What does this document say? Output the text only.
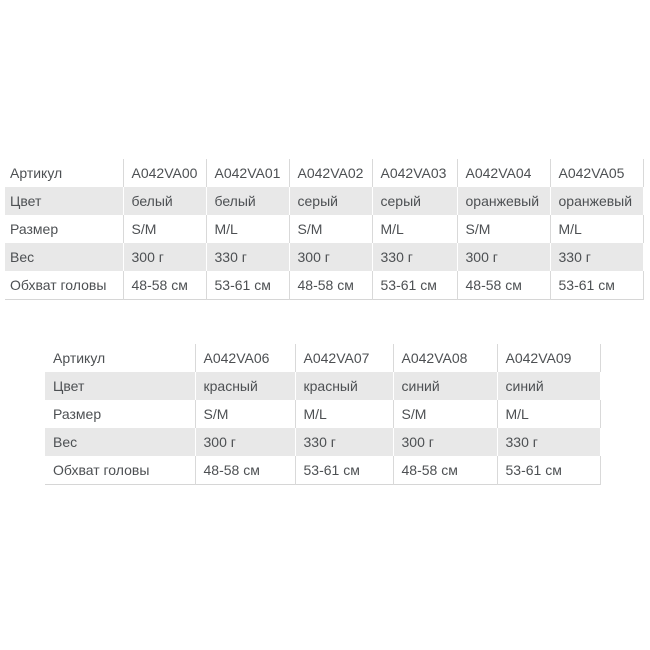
Артикул	A042VA00	A042VA01	A042VA02	A042VA03	A042VA04	A042VA05
Цвет	белый	белый	серый	серый	оранжевый	оранжевый
Размер	S/M	M/L	S/M	M/L	S/M	M/L
Вес	300 г	330 г	300 г	330 г	300 г	330 г
Обхват головы	48-58 см	53-61 см	48-58 см	53-61 см	48-58 см	53-61 см
Артикул	A042VA06	A042VA07	A042VA08	A042VA09
Цвет	красный	красный	синий	синий
Размер	S/M	M/L	S/M	M/L
Вес	300 г	330 г	300 г	330 г
Обхват головы	48-58 см	53-61 см	48-58 см	53-61 см
